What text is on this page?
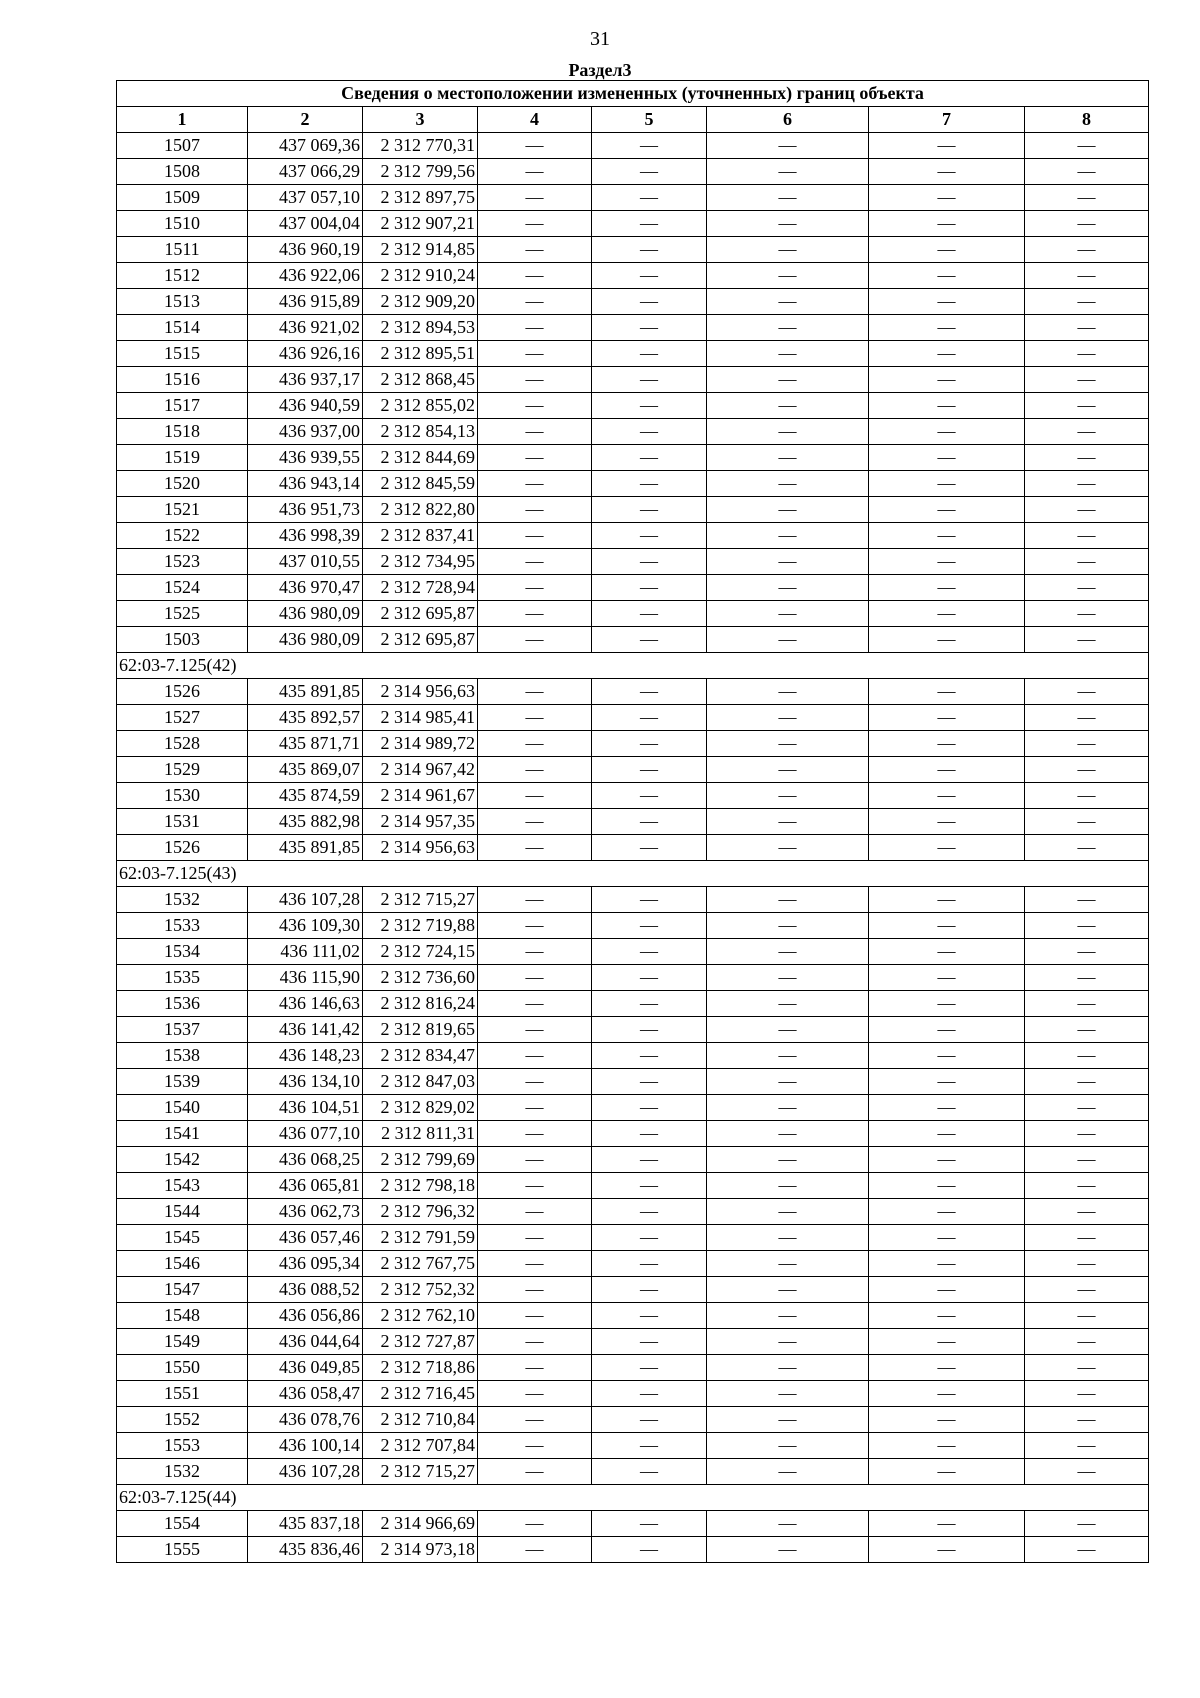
31
Раздел3
Сведения о местоположении измененных (уточненных) границ объекта							
1	2	3	4	5	6	7	8
1507	437 069,36	2 312 770,31	—	—	—	—	—
1508	437 066,29	2 312 799,56	—	—	—	—	—
1509	437 057,10	2 312 897,75	—	—	—	—	—
1510	437 004,04	2 312 907,21	—	—	—	—	—
1511	436 960,19	2 312 914,85	—	—	—	—	—
1512	436 922,06	2 312 910,24	—	—	—	—	—
1513	436 915,89	2 312 909,20	—	—	—	—	—
1514	436 921,02	2 312 894,53	—	—	—	—	—
1515	436 926,16	2 312 895,51	—	—	—	—	—
1516	436 937,17	2 312 868,45	—	—	—	—	—
1517	436 940,59	2 312 855,02	—	—	—	—	—
1518	436 937,00	2 312 854,13	—	—	—	—	—
1519	436 939,55	2 312 844,69	—	—	—	—	—
1520	436 943,14	2 312 845,59	—	—	—	—	—
1521	436 951,73	2 312 822,80	—	—	—	—	—
1522	436 998,39	2 312 837,41	—	—	—	—	—
1523	437 010,55	2 312 734,95	—	—	—	—	—
1524	436 970,47	2 312 728,94	—	—	—	—	—
1525	436 980,09	2 312 695,87	—	—	—	—	—
1503	436 980,09	2 312 695,87	—	—	—	—	—
62:03-7.125(42)							
1526	435 891,85	2 314 956,63	—	—	—	—	—
1527	435 892,57	2 314 985,41	—	—	—	—	—
1528	435 871,71	2 314 989,72	—	—	—	—	—
1529	435 869,07	2 314 967,42	—	—	—	—	—
1530	435 874,59	2 314 961,67	—	—	—	—	—
1531	435 882,98	2 314 957,35	—	—	—	—	—
1526	435 891,85	2 314 956,63	—	—	—	—	—
62:03-7.125(43)							
1532	436 107,28	2 312 715,27	—	—	—	—	—
1533	436 109,30	2 312 719,88	—	—	—	—	—
1534	436 111,02	2 312 724,15	—	—	—	—	—
1535	436 115,90	2 312 736,60	—	—	—	—	—
1536	436 146,63	2 312 816,24	—	—	—	—	—
1537	436 141,42	2 312 819,65	—	—	—	—	—
1538	436 148,23	2 312 834,47	—	—	—	—	—
1539	436 134,10	2 312 847,03	—	—	—	—	—
1540	436 104,51	2 312 829,02	—	—	—	—	—
1541	436 077,10	2 312 811,31	—	—	—	—	—
1542	436 068,25	2 312 799,69	—	—	—	—	—
1543	436 065,81	2 312 798,18	—	—	—	—	—
1544	436 062,73	2 312 796,32	—	—	—	—	—
1545	436 057,46	2 312 791,59	—	—	—	—	—
1546	436 095,34	2 312 767,75	—	—	—	—	—
1547	436 088,52	2 312 752,32	—	—	—	—	—
1548	436 056,86	2 312 762,10	—	—	—	—	—
1549	436 044,64	2 312 727,87	—	—	—	—	—
1550	436 049,85	2 312 718,86	—	—	—	—	—
1551	436 058,47	2 312 716,45	—	—	—	—	—
1552	436 078,76	2 312 710,84	—	—	—	—	—
1553	436 100,14	2 312 707,84	—	—	—	—	—
1532	436 107,28	2 312 715,27	—	—	—	—	—
62:03-7.125(44)							
1554	435 837,18	2 314 966,69	—	—	—	—	—
1555	435 836,46	2 314 973,18	—	—	—	—	—
